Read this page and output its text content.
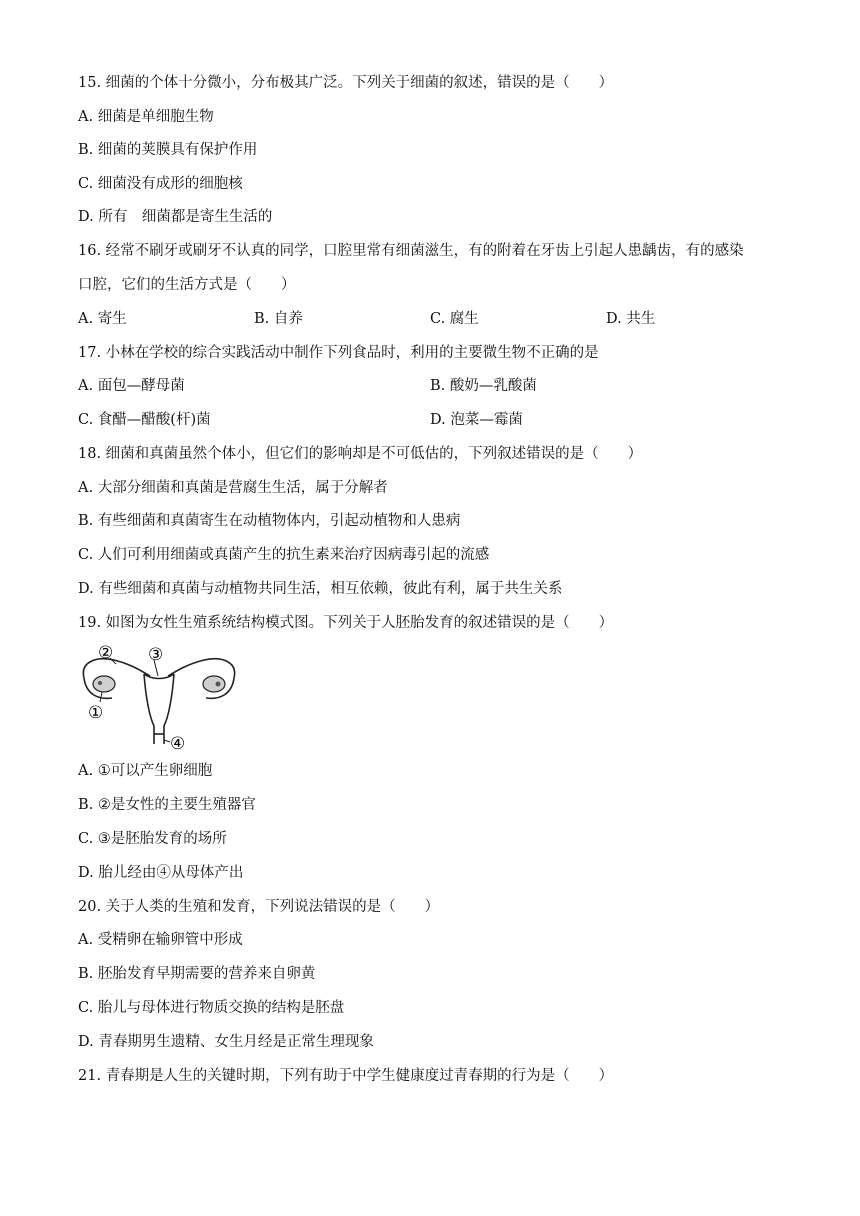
15. 细菌的个体十分微小，分布极其广泛。下列关于细菌的叙述，错误的是（　　）
A. 细菌是单细胞生物
B. 细菌的荚膜具有保护作用
C. 细菌没有成形的细胞核
D. 所有　细菌都是寄生生活的
16. 经常不刷牙或刷牙不认真的同学，口腔里常有细菌滋生，有的附着在牙齿上引起人患龋齿，有的感染
口腔，它们的生活方式是（　　）
A. 寄生	B. 自养	C. 腐生	D. 共生
17. 小林在学校的综合实践活动中制作下列食品时，利用的主要微生物不正确的是
A. 面包—酵母菌	B. 酸奶—乳酸菌
C. 食醋—醋酸(杆)菌	D. 泡菜—霉菌
18. 细菌和真菌虽然个体小，但它们的影响却是不可低估的，下列叙述错误的是（　　）
A. 大部分细菌和真菌是营腐生生活，属于分解者
B. 有些细菌和真菌寄生在动植物体内，引起动植物和人患病
C. 人们可利用细菌或真菌产生的抗生素来治疗因病毒引起的流感
D. 有些细菌和真菌与动植物共同生活，相互依赖，彼此有利，属于共生关系
19. 如图为女性生殖系统结构模式图。下列关于人胚胎发育的叙述错误的是（　　）
② ③
①
④
A. ①可以产生卵细胞
B. ②是女性的主要生殖器官
C. ③是胚胎发育的场所
D. 胎儿经由④从母体产出
20. 关于人类的生殖和发育，下列说法错误的是（　　）
A. 受精卵在输卵管中形成
B. 胚胎发育早期需要的营养来自卵黄
C. 胎儿与母体进行物质交换的结构是胚盘
D. 青春期男生遗精、女生月经是正常生理现象
21. 青春期是人生的关键时期，下列有助于中学生健康度过青春期的行为是（　　）
